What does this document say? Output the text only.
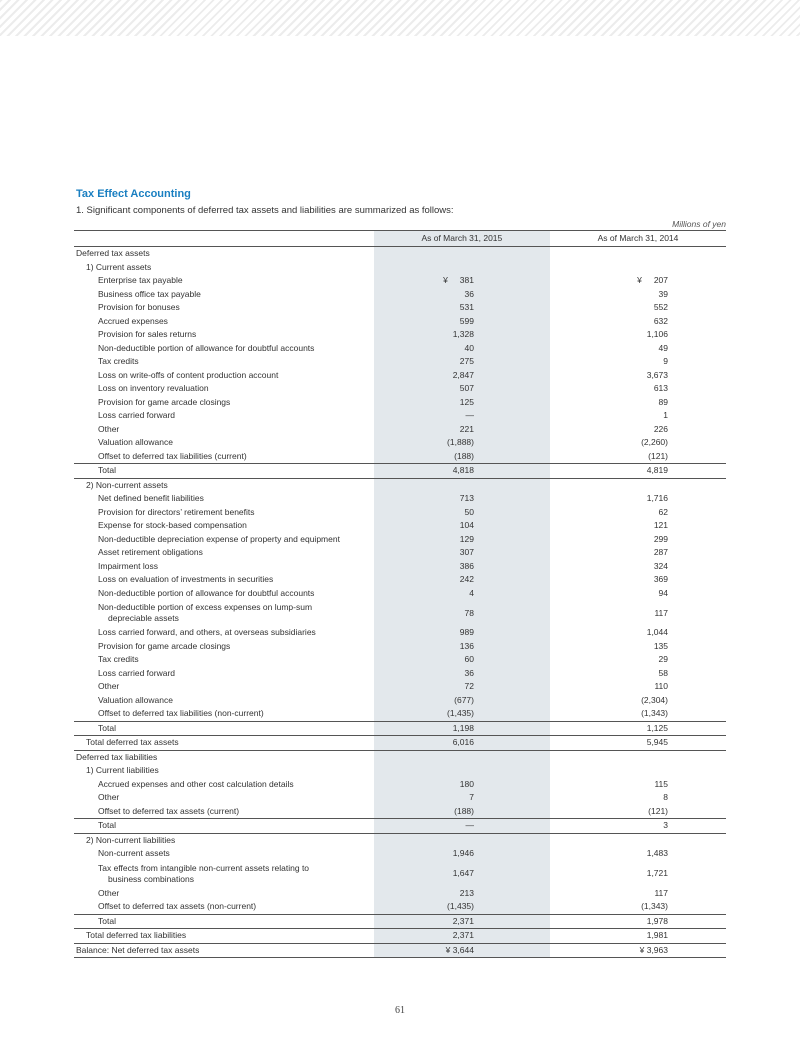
Tax Effect Accounting
1. Significant components of deferred tax assets and liabilities are summarized as follows:
Millions of yen
	As of March 31, 2015	As of March 31, 2014
Deferred tax assets		
1) Current assets		
Enterprise tax payable	¥ 381	¥ 207
Business office tax payable	36	39
Provision for bonuses	531	552
Accrued expenses	599	632
Provision for sales returns	1,328	1,106
Non-deductible portion of allowance for doubtful accounts	40	49
Tax credits	275	9
Loss on write-offs of content production account	2,847	3,673
Loss on inventory revaluation	507	613
Provision for game arcade closings	125	89
Loss carried forward	—	1
Other	221	226
Valuation allowance	(1,888)	(2,260)
Offset to deferred tax liabilities (current)	(188)	(121)
Total	4,818	4,819
2) Non-current assets		
Net defined benefit liabilities	713	1,716
Provision for directors’ retirement benefits	50	62
Expense for stock-based compensation	104	121
Non-deductible depreciation expense of property and equipment	129	299
Asset retirement obligations	307	287
Impairment loss	386	324
Loss on evaluation of investments in securities	242	369
Non-deductible portion of allowance for doubtful accounts	4	94
Non-deductible portion of excess expenses on lump-sum
depreciable assets	78	117
Loss carried forward, and others, at overseas subsidiaries	989	1,044
Provision for game arcade closings	136	135
Tax credits	60	29
Loss carried forward	36	58
Other	72	110
Valuation allowance	(677)	(2,304)
Offset to deferred tax liabilities (non-current)	(1,435)	(1,343)
Total	1,198	1,125
Total deferred tax assets	6,016	5,945
Deferred tax liabilities		
1) Current liabilities		
Accrued expenses and other cost calculation details	180	115
Other	7	8
Offset to deferred tax assets (current)	(188)	(121)
Total	—	3
2) Non-current liabilities		
Non-current assets	1,946	1,483
Tax effects from intangible non-current assets relating to
business combinations	1,647	1,721
Other	213	117
Offset to deferred tax assets (non-current)	(1,435)	(1,343)
Total	2,371	1,978
Total deferred tax liabilities	2,371	1,981
Balance: Net deferred tax assets	¥ 3,644	¥ 3,963
61
